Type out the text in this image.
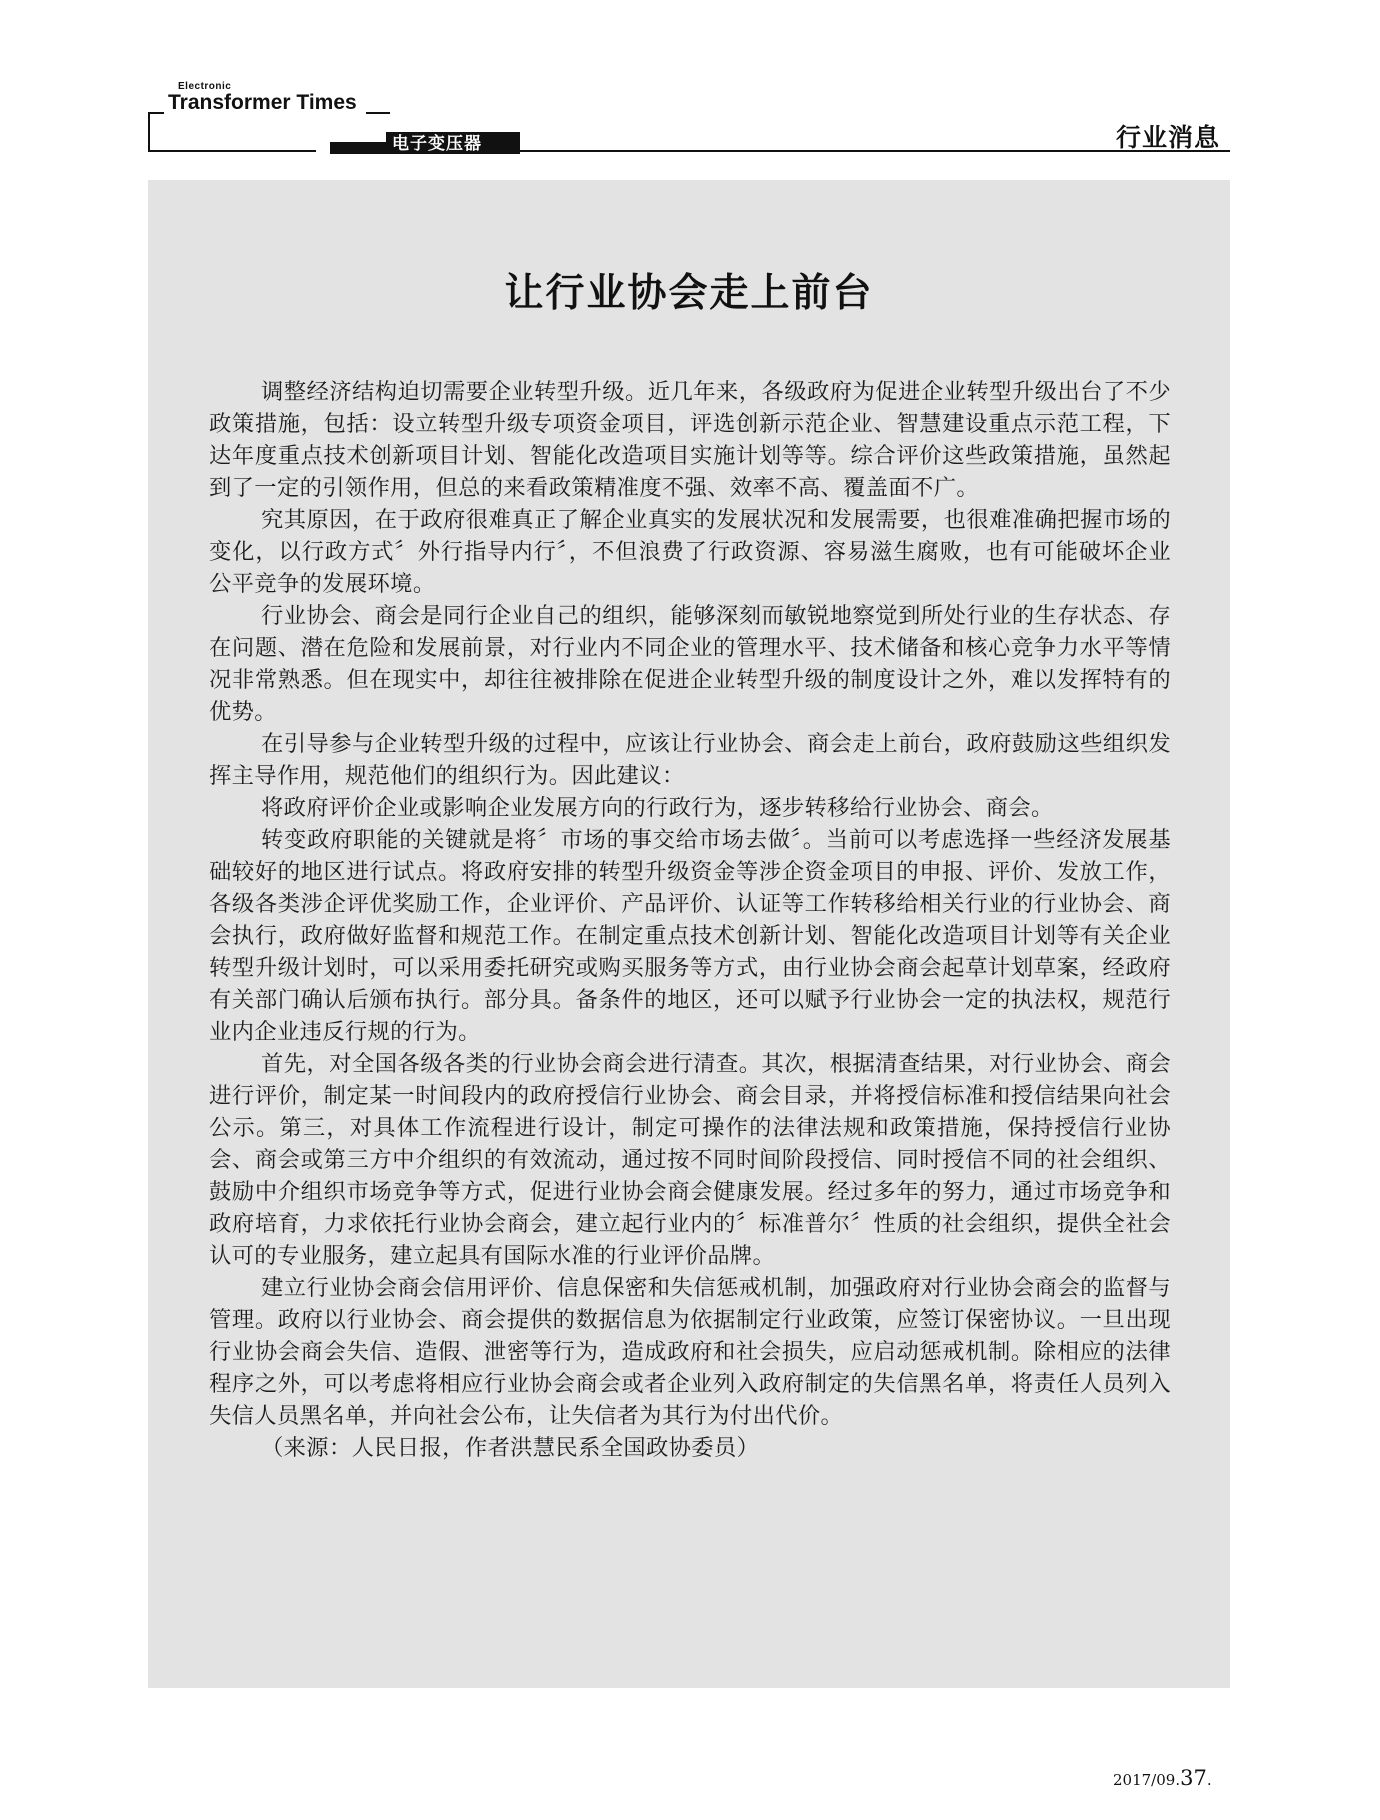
Electronic
Transformer Times
电子变压器	行业消息
让行业协会走上前台

调整经济结构迫切需要企业转型升级。近几年来，各级政府为促进企业转型升级出台了不少政策措施，包括：设立转型升级专项资金项目，评选创新示范企业、智慧建设重点示范工程，下达年度重点技术创新项目计划、智能化改造项目实施计划等等。综合评价这些政策措施，虽然起到了一定的引领作用，但总的来看政策精准度不强、效率不高、覆盖面不广。

究其原因，在于政府很难真正了解企业真实的发展状况和发展需要，也很难准确把握市场的变化，以行政方式〞外行指导内行〞，不但浪费了行政资源、容易滋生腐败，也有可能破坏企业公平竞争的发展环境。

行业协会、商会是同行企业自己的组织，能够深刻而敏锐地察觉到所处行业的生存状态、存在问题、潜在危险和发展前景，对行业内不同企业的管理水平、技术储备和核心竞争力水平等情况非常熟悉。但在现实中，却往往被排除在促进企业转型升级的制度设计之外，难以发挥特有的优势。

在引导参与企业转型升级的过程中，应该让行业协会、商会走上前台，政府鼓励这些组织发挥主导作用，规范他们的组织行为。因此建议：

将政府评价企业或影响企业发展方向的行政行为，逐步转移给行业协会、商会。

转变政府职能的关键就是将〞市场的事交给市场去做〞。当前可以考虑选择一些经济发展基础较好的地区进行试点。将政府安排的转型升级资金等涉企资金项目的申报、评价、发放工作，各级各类涉企评优奖励工作，企业评价、产品评价、认证等工作转移给相关行业的行业协会、商会执行，政府做好监督和规范工作。在制定重点技术创新计划、智能化改造项目计划等有关企业转型升级计划时，可以采用委托研究或购买服务等方式，由行业协会商会起草计划草案，经政府有关部门确认后颁布执行。部分具。备条件的地区，还可以赋予行业协会一定的执法权，规范行业内企业违反行规的行为。

首先，对全国各级各类的行业协会商会进行清查。其次，根据清查结果，对行业协会、商会进行评价，制定某一时间段内的政府授信行业协会、商会目录，并将授信标准和授信结果向社会公示。第三，对具体工作流程进行设计，制定可操作的法律法规和政策措施，保持授信行业协会、商会或第三方中介组织的有效流动，通过按不同时间阶段授信、同时授信不同的社会组织、鼓励中介组织市场竞争等方式，促进行业协会商会健康发展。经过多年的努力，通过市场竞争和政府培育，力求依托行业协会商会，建立起行业内的〞标准普尔〞性质的社会组织，提供全社会认可的专业服务，建立起具有国际水准的行业评价品牌。

建立行业协会商会信用评价、信息保密和失信惩戒机制，加强政府对行业协会商会的监督与管理。政府以行业协会、商会提供的数据信息为依据制定行业政策，应签订保密协议。一旦出现行业协会商会失信、造假、泄密等行为，造成政府和社会损失，应启动惩戒机制。除相应的法律程序之外，可以考虑将相应行业协会商会或者企业列入政府制定的失信黑名单，将责任人员列入失信人员黑名单，并向社会公布，让失信者为其行为付出代价。

（来源：人民日报，作者洪慧民系全国政协委员）

2017/09.37.
